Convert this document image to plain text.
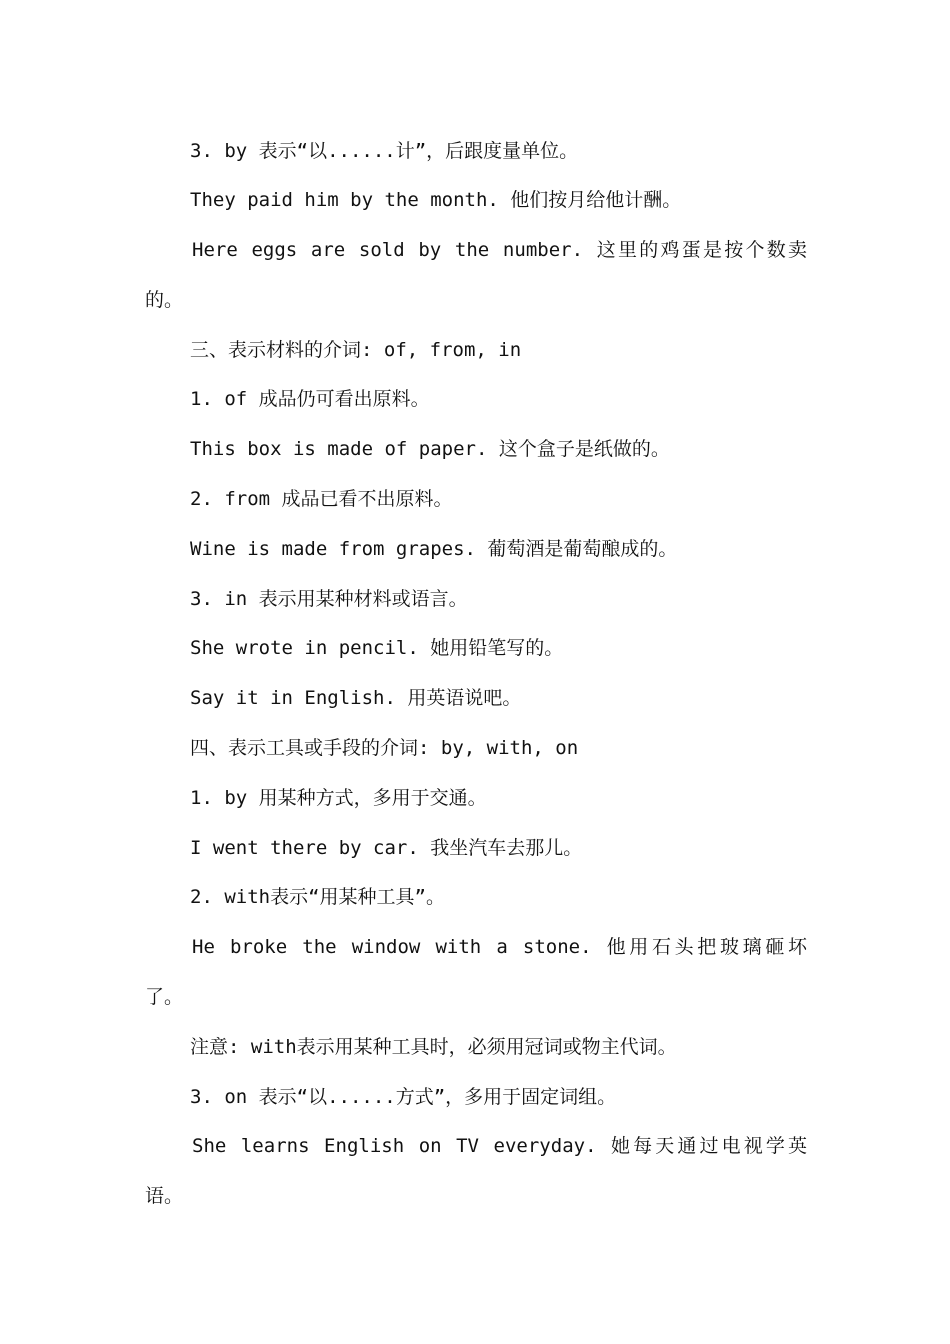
3. by 表示“以......计”，后跟度量单位。
They paid him by the month. 他们按月给他计酬。
Here eggs are sold by the number. 这里的鸡蛋是按个数卖
的。
三、表示材料的介词: of, from, in
1. of 成品仍可看出原料。
This box is made of paper. 这个盒子是纸做的。
2. from 成品已看不出原料。
Wine is made from grapes. 葡萄酒是葡萄酿成的。
3. in 表示用某种材料或语言。
She wrote in pencil. 她用铅笔写的。
Say it in English. 用英语说吧。
四、表示工具或手段的介词: by, with, on
1. by 用某种方式，多用于交通。
I went there by car. 我坐汽车去那儿。
2. with表示“用某种工具”。
He broke the window with a stone. 他用石头把玻璃砸坏
了。
注意: with表示用某种工具时，必须用冠词或物主代词。
3. on 表示“以......方式”，多用于固定词组。
She learns English on TV everyday. 她每天通过电视学英
语。
